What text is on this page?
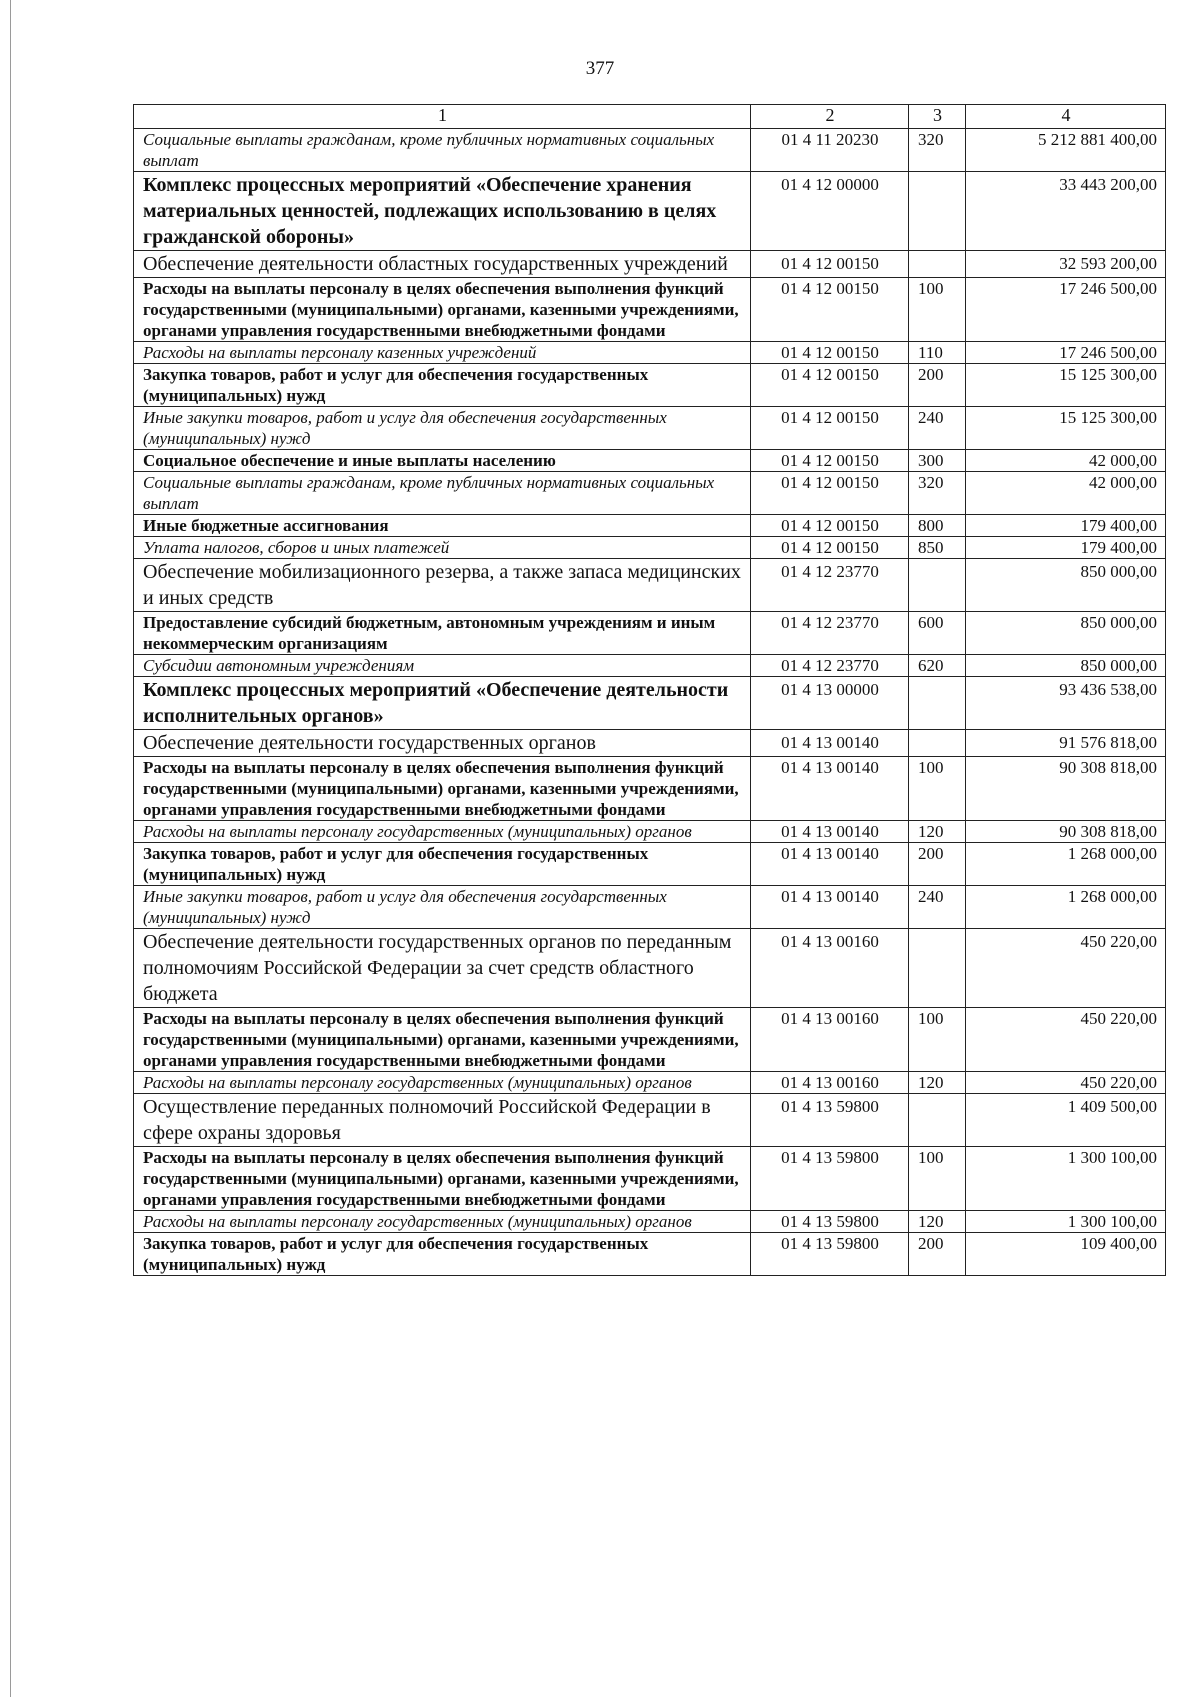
377
1	2	3	4
Социальные выплаты гражданам, кроме публичных нормативных социальных выплат	01 4 11 20230	320	5 212 881 400,00
Комплекс процессных мероприятий «Обеспечение хранения материальных ценностей, подлежащих использованию в целях гражданской обороны»	01 4 12 00000		33 443 200,00
Обеспечение деятельности областных государственных учреждений	01 4 12 00150		32 593 200,00
Расходы на выплаты персоналу в целях обеспечения выполнения функций государственными (муниципальными) органами, казенными учреждениями, органами управления государственными внебюджетными фондами	01 4 12 00150	100	17 246 500,00
Расходы на выплаты персоналу казенных учреждений	01 4 12 00150	110	17 246 500,00
Закупка товаров, работ и услуг для обеспечения государственных (муниципальных) нужд	01 4 12 00150	200	15 125 300,00
Иные закупки товаров, работ и услуг для обеспечения государственных (муниципальных) нужд	01 4 12 00150	240	15 125 300,00
Социальное обеспечение и иные выплаты населению	01 4 12 00150	300	42 000,00
Социальные выплаты гражданам, кроме публичных нормативных социальных выплат	01 4 12 00150	320	42 000,00
Иные бюджетные ассигнования	01 4 12 00150	800	179 400,00
Уплата налогов, сборов и иных платежей	01 4 12 00150	850	179 400,00
Обеспечение мобилизационного резерва, а также запаса медицинских и иных средств	01 4 12 23770		850 000,00
Предоставление субсидий бюджетным, автономным учреждениям и иным некоммерческим организациям	01 4 12 23770	600	850 000,00
Субсидии автономным учреждениям	01 4 12 23770	620	850 000,00
Комплекс процессных мероприятий «Обеспечение деятельности исполнительных органов»	01 4 13 00000		93 436 538,00
Обеспечение деятельности государственных органов	01 4 13 00140		91 576 818,00
Расходы на выплаты персоналу в целях обеспечения выполнения функций государственными (муниципальными) органами, казенными учреждениями, органами управления государственными внебюджетными фондами	01 4 13 00140	100	90 308 818,00
Расходы на выплаты персоналу государственных (муниципальных) органов	01 4 13 00140	120	90 308 818,00
Закупка товаров, работ и услуг для обеспечения государственных (муниципальных) нужд	01 4 13 00140	200	1 268 000,00
Иные закупки товаров, работ и услуг для обеспечения государственных (муниципальных) нужд	01 4 13 00140	240	1 268 000,00
Обеспечение деятельности государственных органов по переданным полномочиям Российской Федерации за счет средств областного бюджета	01 4 13 00160		450 220,00
Расходы на выплаты персоналу в целях обеспечения выполнения функций государственными (муниципальными) органами, казенными учреждениями, органами управления государственными внебюджетными фондами	01 4 13 00160	100	450 220,00
Расходы на выплаты персоналу государственных (муниципальных) органов	01 4 13 00160	120	450 220,00
Осуществление переданных полномочий Российской Федерации в сфере охраны здоровья	01 4 13 59800		1 409 500,00
Расходы на выплаты персоналу в целях обеспечения выполнения функций государственными (муниципальными) органами, казенными учреждениями, органами управления государственными внебюджетными фондами	01 4 13 59800	100	1 300 100,00
Расходы на выплаты персоналу государственных (муниципальных) органов	01 4 13 59800	120	1 300 100,00
Закупка товаров, работ и услуг для обеспечения государственных (муниципальных) нужд	01 4 13 59800	200	109 400,00
